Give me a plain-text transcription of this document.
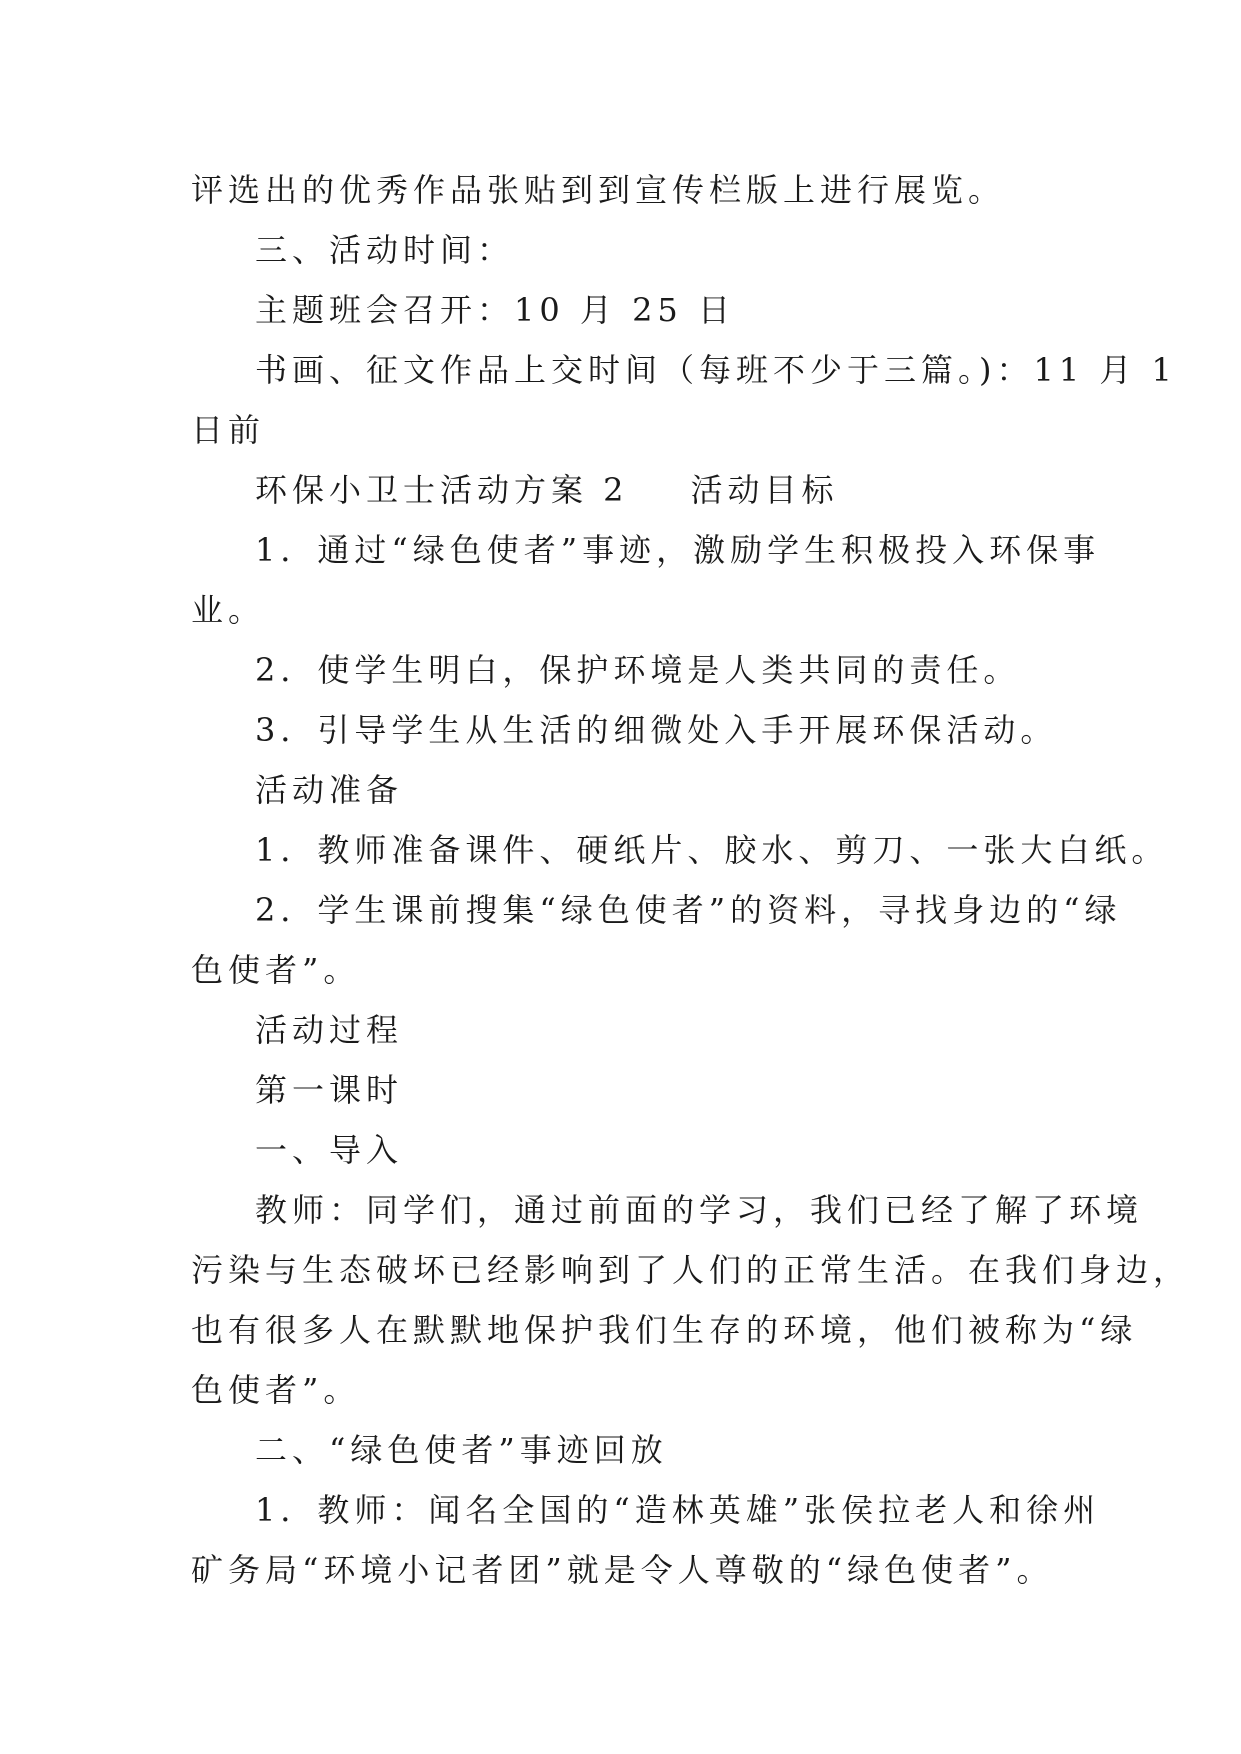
评选出的优秀作品张贴到到宣传栏版上进行展览。
三、活动时间：
主题班会召开：10 月 25 日
书画、征文作品上交时间（每班不少于三篇。)：11 月 1
日前
环保小卫士活动方案 2 活动目标
1．通过“绿色使者”事迹，激励学生积极投入环保事
业。
2．使学生明白，保护环境是人类共同的责任。
3．引导学生从生活的细微处入手开展环保活动。
活动准备
1．教师准备课件、硬纸片、胶水、剪刀、一张大白纸。
2．学生课前搜集“绿色使者”的资料，寻找身边的“绿
色使者”。
活动过程
第一课时
一、导入
教师：同学们，通过前面的学习，我们已经了解了环境
污染与生态破坏已经影响到了人们的正常生活。在我们身边，
也有很多人在默默地保护我们生存的环境，他们被称为“绿
色使者”。
二、“绿色使者”事迹回放
1．教师：闻名全国的“造林英雄”张侯拉老人和徐州
矿务局“环境小记者团”就是令人尊敬的“绿色使者”。
